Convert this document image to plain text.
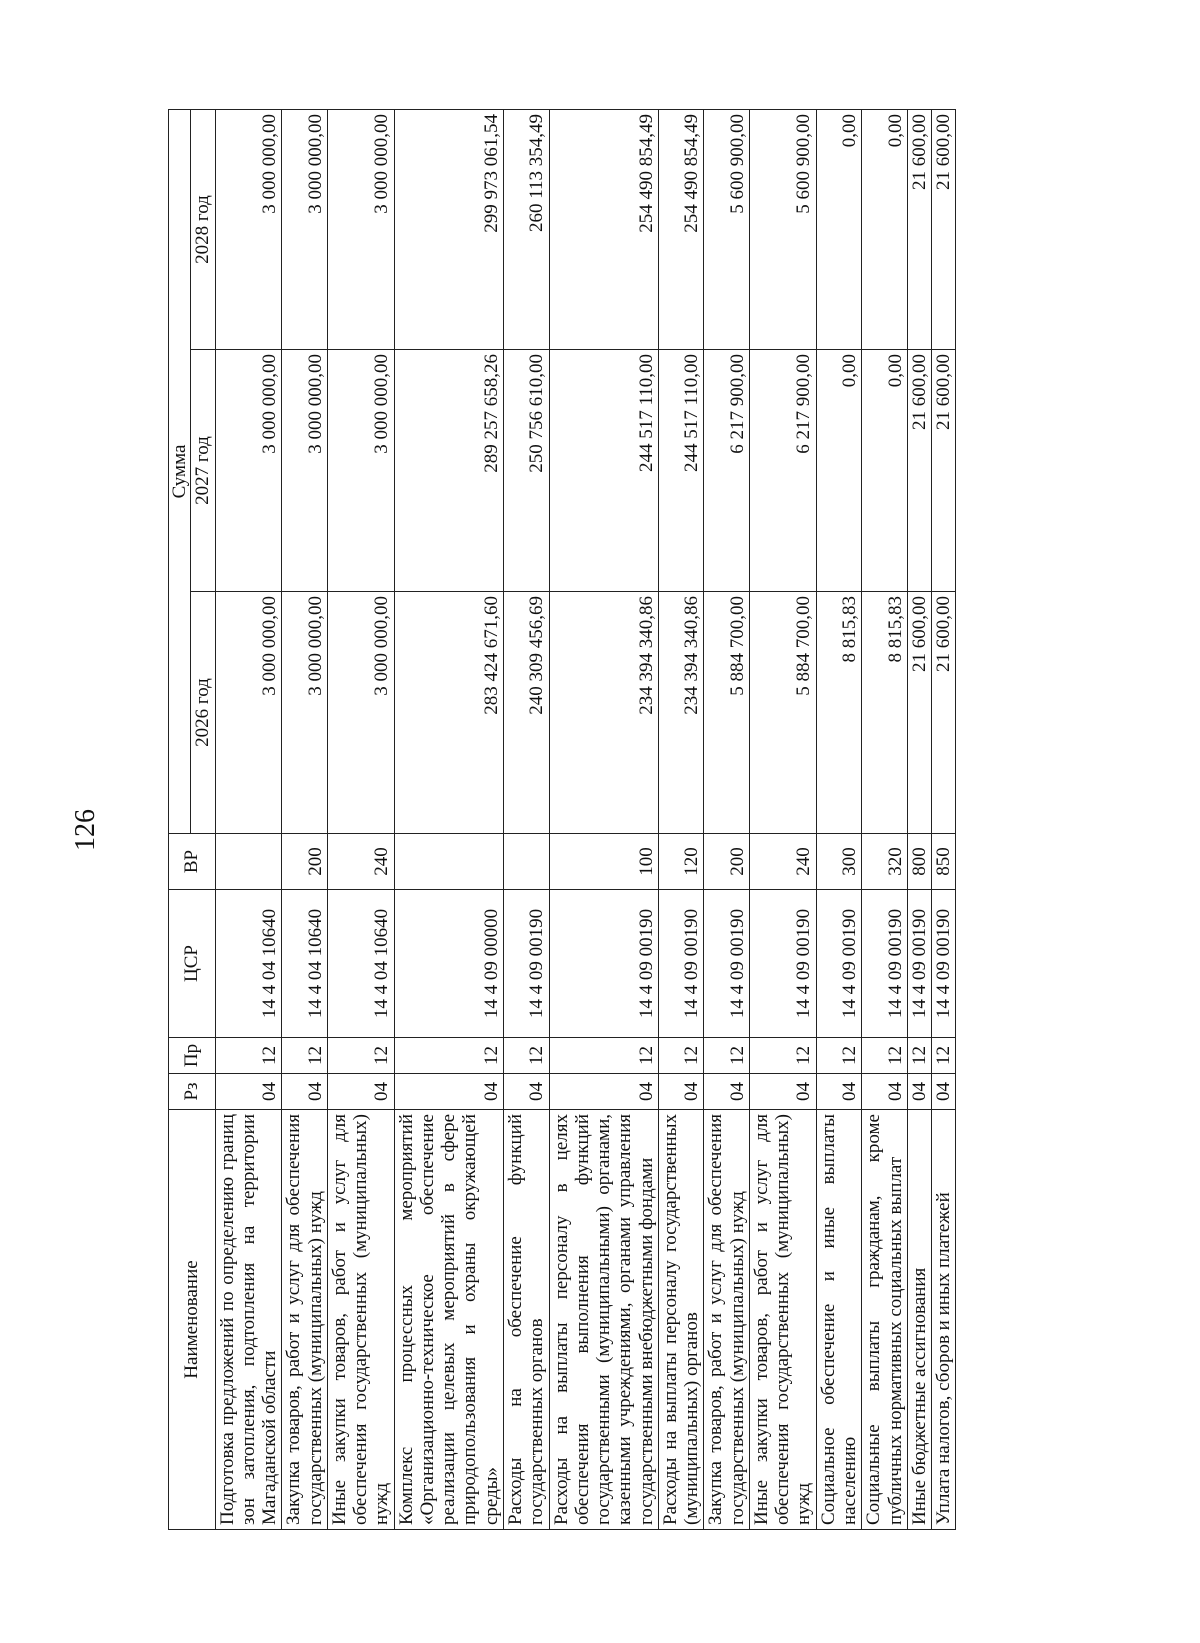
126
Наименование	Рз	Пр	ЦСР	ВР	Сумма		
					2026 год	2027 год	2028 год
Подготовка предложений по определению границ зон затопления, подтопления на территории Магаданской области	04	12	14 4 04 10640		3 000 000,00	3 000 000,00	3 000 000,00
Закупка товаров, работ и услуг для обеспечения государственных (муниципальных) нужд	04	12	14 4 04 10640	200	3 000 000,00	3 000 000,00	3 000 000,00
Иные закупки товаров, работ и услуг для обеспечения государственных (муниципальных) нужд	04	12	14 4 04 10640	240	3 000 000,00	3 000 000,00	3 000 000,00
Комплекс процессных мероприятий «Организационно-техническое обеспечение реализации целевых мероприятий в сфере природопользования и охраны окружающей среды»	04	12	14 4 09 00000		283 424 671,60	289 257 658,26	299 973 061,54
Расходы на обеспечение функций государственных органов	04	12	14 4 09 00190		240 309 456,69	250 756 610,00	260 113 354,49
Расходы на выплаты персоналу в целях обеспечения выполнения функций государственными (муниципальными) органами, казенными учреждениями, органами управления государственными внебюджетными фондами	04	12	14 4 09 00190	100	234 394 340,86	244 517 110,00	254 490 854,49
Расходы на выплаты персоналу государственных (муниципальных) органов	04	12	14 4 09 00190	120	234 394 340,86	244 517 110,00	254 490 854,49
Закупка товаров, работ и услуг для обеспечения государственных (муниципальных) нужд	04	12	14 4 09 00190	200	5 884 700,00	6 217 900,00	5 600 900,00
Иные закупки товаров, работ и услуг для обеспечения государственных (муниципальных) нужд	04	12	14 4 09 00190	240	5 884 700,00	6 217 900,00	5 600 900,00
Социальное обеспечение и иные выплаты населению	04	12	14 4 09 00190	300	8 815,83	0,00	0,00
Социальные выплаты гражданам, кроме публичных нормативных социальных выплат	04	12	14 4 09 00190	320	8 815,83	0,00	0,00
Иные бюджетные ассигнования	04	12	14 4 09 00190	800	21 600,00	21 600,00	21 600,00
Уплата налогов, сборов и иных платежей	04	12	14 4 09 00190	850	21 600,00	21 600,00	21 600,00
